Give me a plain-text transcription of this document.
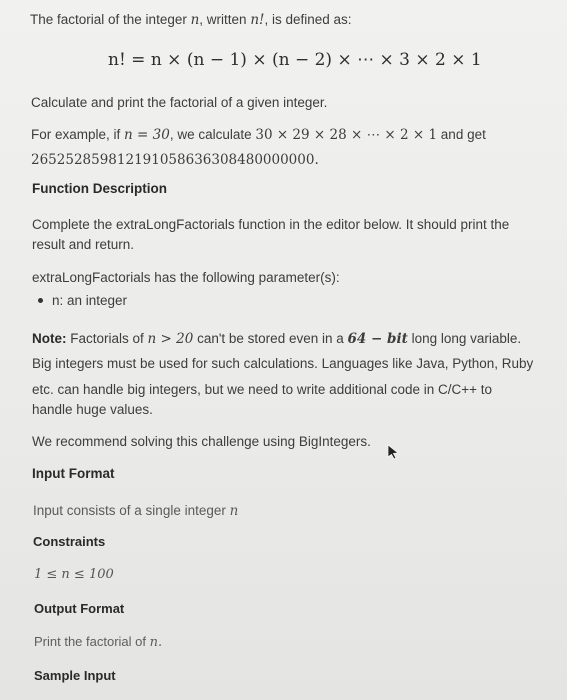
The factorial of the integer n, written n!, is defined as:
n! = n × (n − 1) × (n − 2) × ⋯ × 3 × 2 × 1
Calculate and print the factorial of a given integer.
For example, if n = 30, we calculate 30 × 29 × 28 × ⋯ × 2 × 1 and get
265252859812191058636308480000000.
Function Description
Complete the extraLongFactorials function in the editor below. It should print the
result and return.
extraLongFactorials has the following parameter(s):
n: an integer
Note: Factorials of n > 20 can't be stored even in a 64 − bit long long variable.
Big integers must be used for such calculations. Languages like Java, Python, Ruby
etc. can handle big integers, but we need to write additional code in C/C++ to
handle huge values.
We recommend solving this challenge using BigIntegers.
Input Format
Input consists of a single integer n
Constraints
1 ≤ n ≤ 100
Output Format
Print the factorial of n.
Sample Input
